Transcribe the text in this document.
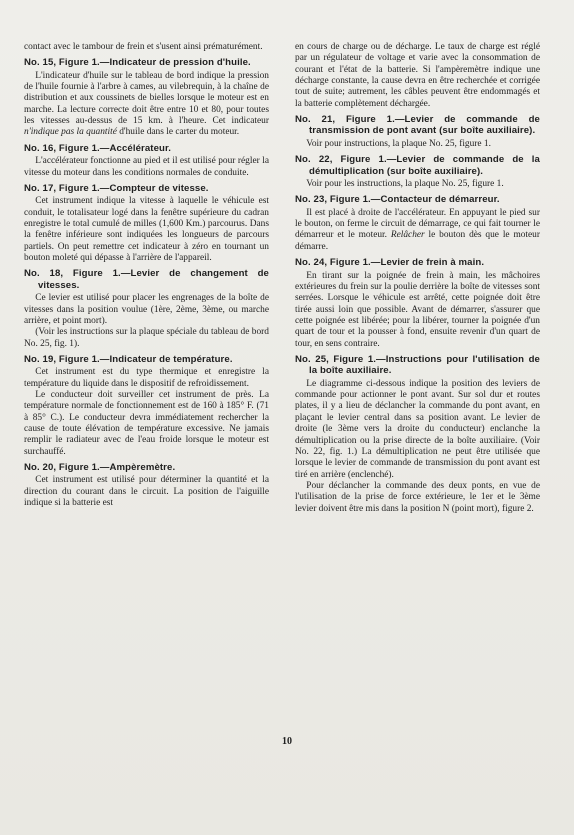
contact avec le tambour de frein et s'usent ainsi prématurément.

No. 15, Figure 1.—Indicateur de pression d'huile.

L'indicateur d'huile sur le tableau de bord indique la pression de l'huile fournie à l'arbre à cames, au vilebrequin, à la chaîne de distribution et aux coussinets de bielles lorsque le moteur est en marche. La lecture correcte doit être entre 10 et 80, pour toutes les vitesses au-dessus de 15 km. à l'heure. Cet indicateur n'indique pas la quantité d'huile dans le carter du moteur.

No. 16, Figure 1.—Accélérateur.

L'accélérateur fonctionne au pied et il est utilisé pour régler la vitesse du moteur dans les conditions normales de conduite.

No. 17, Figure 1.—Compteur de vitesse.

Cet instrument indique la vitesse à laquelle le véhicule est conduit, le totalisateur logé dans la fenêtre supérieure du cadran enregistre le total cumulé de milles (1,600 Km.) parcourus. Dans la fenêtre inférieure sont indiquées les longueurs de parcours partiels. On peut remettre cet indicateur à zéro en tournant un bouton moleté qui dépasse à l'arrière de l'appareil.

No. 18, Figure 1.—Levier de changement de vitesses.

Ce levier est utilisé pour placer les engrenages de la boîte de vitesses dans la position voulue (1ère, 2ème, 3ème, ou marche arrière, et point mort).

(Voir les instructions sur la plaque spéciale du tableau de bord No. 25, fig. 1).

No. 19, Figure 1.—Indicateur de température.

Cet instrument est du type thermique et enregistre la température du liquide dans le dispositif de refroidissement.

Le conducteur doit surveiller cet instrument de près. La température normale de fonctionnement est de 160 à 185° F. (71 à 85° C.). Le conducteur devra immédiatement rechercher la cause de toute élévation de température excessive. Ne jamais remplir le radiateur avec de l'eau froide lorsque le moteur est surchauffé.

No. 20, Figure 1.—Ampèremètre.

Cet instrument est utilisé pour déterminer la quantité et la direction du courant dans le circuit. La position de l'aiguille indique si la batterie est

en cours de charge ou de décharge. Le taux de charge est réglé par un régulateur de voltage et varie avec la consommation de courant et l'état de la batterie. Si l'ampèremètre indique une décharge constante, la cause devra en être recherchée et corrigée tout de suite; autrement, les câbles peuvent être endommagés et la batterie complètement déchargée.

No. 21, Figure 1.—Levier de commande de transmission de pont avant (sur boîte auxiliaire).

Voir pour instructions, la plaque No. 25, figure 1.

No. 22, Figure 1.—Levier de commande de la démultiplication (sur boîte auxiliaire).

Voir pour les instructions, la plaque No. 25, figure 1.

No. 23, Figure 1.—Contacteur de démarreur.

Il est placé à droite de l'accélérateur. En appuyant le pied sur le bouton, on ferme le circuit de démarrage, ce qui fait tourner le démarreur et le moteur. Relâcher le bouton dès que le moteur démarre.

No. 24, Figure 1.—Levier de frein à main.

En tirant sur la poignée de frein à main, les mâchoires extérieures du frein sur la poulie derrière la boîte de vitesses sont serrées. Lorsque le véhicule est arrêté, cette poignée doit être tirée aussi loin que possible. Avant de démarrer, s'assurer que cette poignée est libérée; pour la libérer, tourner la poignée d'un quart de tour et la pousser à fond, ensuite revenir d'un quart de tour, en sens contraire.

No. 25, Figure 1.—Instructions pour l'utilisation de la boîte auxiliaire.

Le diagramme ci-dessous indique la position des leviers de commande pour actionner le pont avant. Sur sol dur et routes plates, il y a lieu de déclancher la commande du pont avant, en plaçant le levier central dans sa position avant. Le levier de droite (le 3ème vers la droite du conducteur) enclanche la démultiplication ou la prise directe de la boîte auxiliaire. (Voir No. 22, fig. 1.) La démultiplication ne peut être utilisée que lorsque le levier de commande de transmission du pont avant est tiré en arrière (enclenché).

Pour déclancher la commande des deux ponts, en vue de l'utilisation de la prise de force extérieure, le 1er et le 3ème levier doivent être mis dans la position N (point mort), figure 2.

10
